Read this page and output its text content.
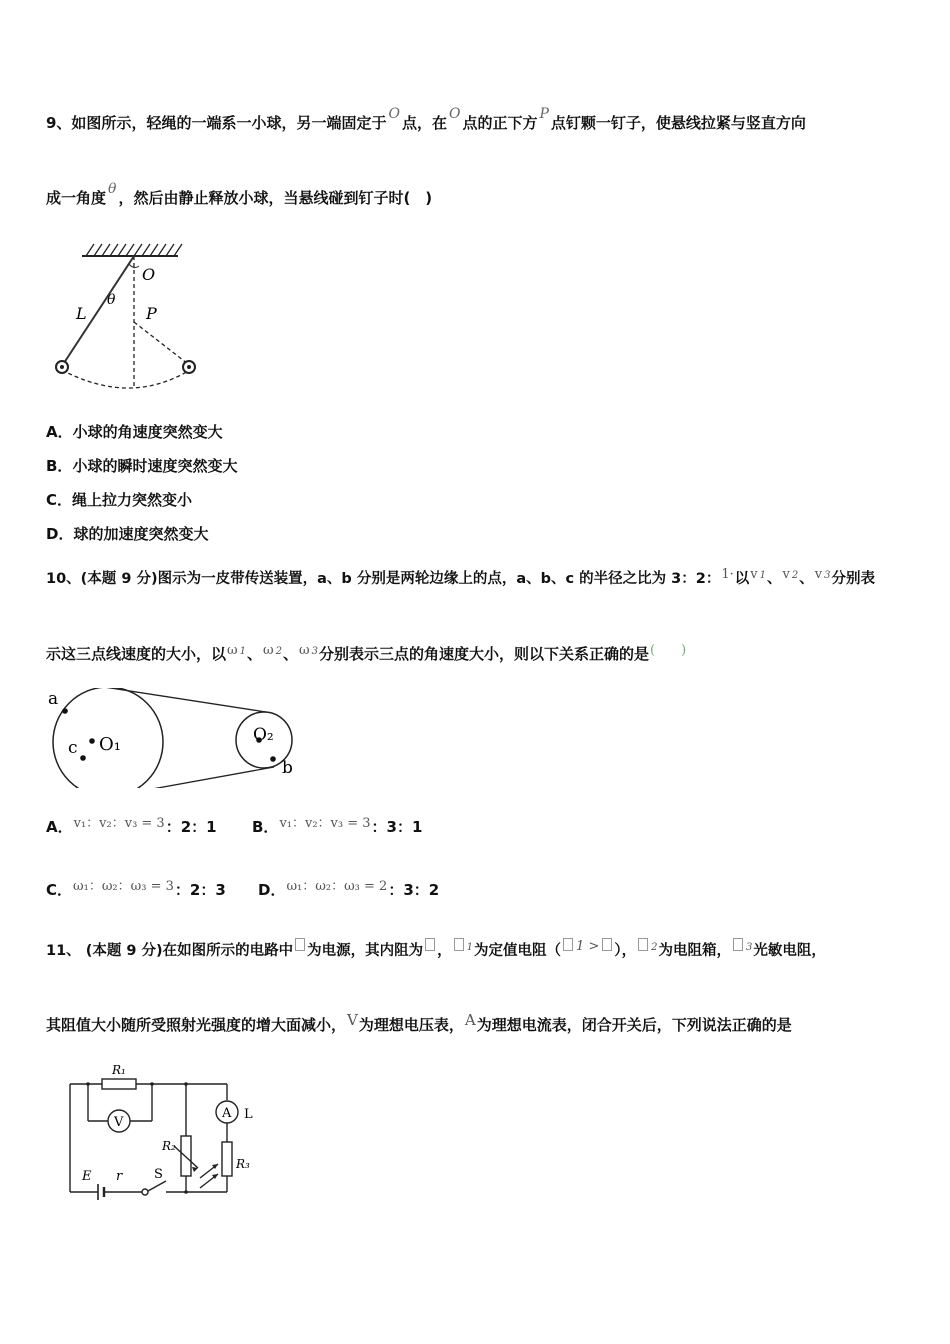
9、如图所示，轻绳的一端系一小球，另一端固定于 O 点，在 O 点的正下方 P 点钉颗一钉子，使悬线拉紧与竖直方向
成一角度 θ ，然后由静止释放小球，当悬线碰到钉子时(　)
O
L
θ
P
A．小球的角速度突然变大
B．小球的瞬时速度突然变大
C．绳上拉力突然变小
D．球的加速度突然变大
10、(本题 9 分)图示为一皮带传送装置，a、b 分别是两轮边缘上的点，a、b、c 的半径之比为 3：2：1·以v $^1$、v $^2$、v $^3$分别表
示这三点线速度的大小，以ω $^1$、ω $^2$、ω $^3$分别表示三点的角速度大小，则以下关系正确的是(　　)
a
c O₁	O₂
b
A．v₁：v₂：v₃ = 3：2：1 B．v₁：v₂：v₃ = 3：3：1
C．ω₁：ω₂：ω₃ = 3：2：3 D．ω₁：ω₂：ω₃ = 2：3：2
11、 (本题 9 分)在如图所示的电路中 为电源，其内阻为 ， $^1$为定值电阻（ 1 > ）， $^2$为电阻箱， $^3$光敏电阻，
其阻值大小随所受照射光强度的增大面减小，V为理想电压表，A为理想电流表，闭合开关后，下列说法正确的是
R₁
V
A L
R₂
R₃
E r S
